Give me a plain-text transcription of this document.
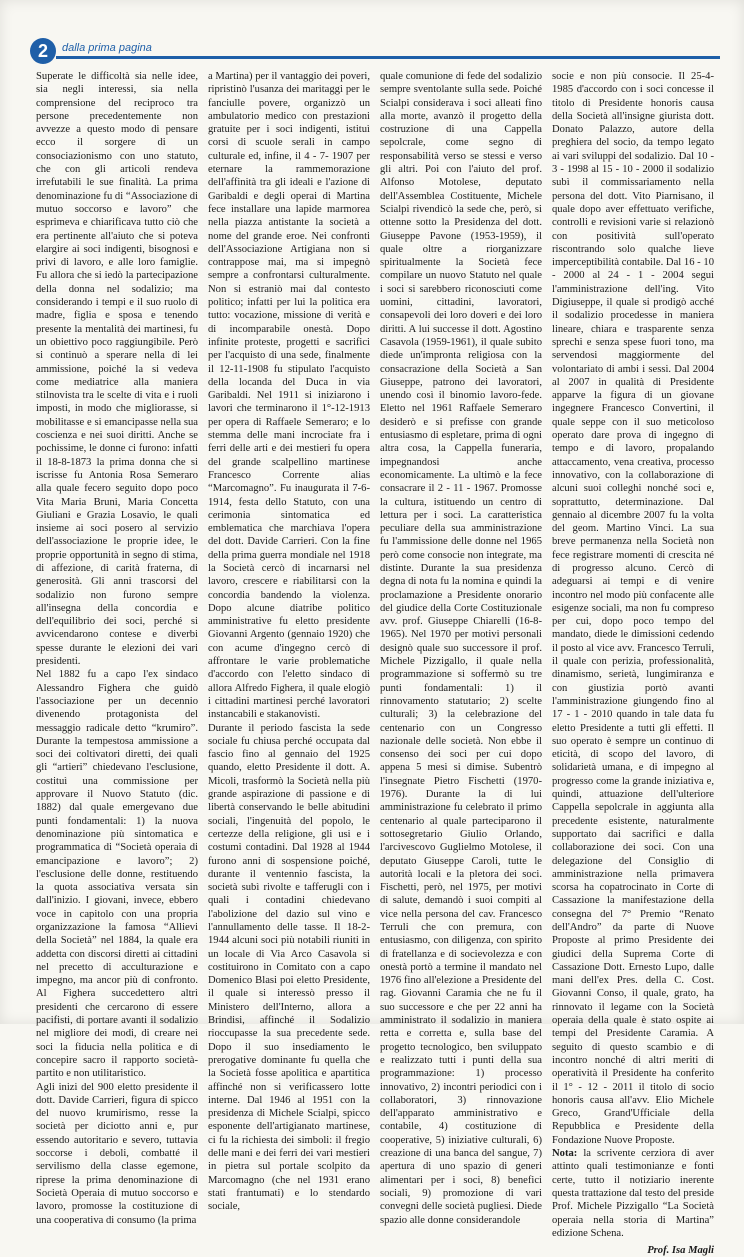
2	dalla prima pagina

Superate le difficoltà sia nelle idee, sia negli interessi, sia nella comprensione del reciproco tra persone precedentemente non avvezze a questo modo di pensare ecco il sorgere di un consociazionismo con uno statuto, che con gli articoli rendeva irrefutabili le sue finalità. La prima denominazione fu di “Associazione di mutuo soccorso e lavoro” che esprimeva e chiarificava tutto ciò che era pertinente all'aiuto che si poteva elargire ai soci indigenti, bisognosi e privi di lavoro, e alle loro famiglie. Fu allora che si iedò la partecipazione della donna nel sodalizio; ma considerando i tempi e il suo ruolo di madre, figlia e sposa e tenendo presente la mentalità dei martinesi, fu un obiettivo poco raggiungibile. Però si continuò a sperare nella di lei ammissione, poiché la si vedeva come mediatrice alla maniera stilnovista tra le scelte di vita e i ruoli imposti, in modo che migliorasse, si mobilitasse e si emancipasse nella sua coscienza e nei suoi diritti. Anche se pochissime, le donne ci furono: infatti il 18-8-1873 la prima donna che si iscrisse fu Antonia Rosa Semeraro alla quale fecero seguito dopo poco Vita Maria Bruni, Maria Concetta Giuliani e Grazia Losavio, le quali insieme ai soci posero al servizio dell'associazione le proprie idee, le proprie opportunità in segno di stima, di affezione, di carità fraterna, di generosità. Gli anni trascorsi del sodalizio non furono sempre all'insegna della concordia e dell'equilibrio dei soci, perché si avvicendarono contese e diverbi spesse durante le elezioni dei vari presidenti.

Nel 1882 fu a capo l'ex sindaco Alessandro Fighera che guidò l'associazione per un decennio divenendo protagonista del messaggio radicale detto “krumiro”. Durante la tempestosa ammissione a soci dei coltivatori diretti, dei quali gli “artieri” chiedevano l'esclusione, costituì una commissione per approvare il Nuovo Statuto (dic. 1882) dal quale emergevano due punti fondamentali: 1) la nuova denominazione più sintomatica e programmatica di “Società operaia di emancipazione e lavoro”; 2) l'esclusione delle donne, restituendo la quota associativa versata sin dall'inizio. I giovani, invece, ebbero voce in capitolo con una propria organizzazione la famosa “Allievi della Società” nel 1884, la quale era addetta con discorsi diretti ai cittadini nel precetto di acculturazione e impegno, ma ancor più di confronto. Al Fighera succedettero altri presidenti che cercarono di essere pacifisti, di portare avanti il sodalizio nel migliore dei modi, di creare nei soci la fiducia nella politica e di concepire sacro il rapporto società-partito e non utilitaristico.

Agli inizi del 900 eletto presidente il dott. Davide Carrieri, figura di spicco del nuovo krumirismo, resse la società per diciotto anni e, pur essendo autoritario e severo, tuttavia soccorse i deboli, combatté il servilismo della classe egemone, riprese la prima denominazione di Società Operaia di mutuo soccorso e lavoro, promosse la costituzione di una cooperativa di consumo (la prima

a Martina) per il vantaggio dei poveri, ripristinò l'usanza dei maritaggi per le fanciulle povere, organizzò un ambulatorio medico con prestazioni gratuite per i soci indigenti, istituì corsi di scuole serali in campo culturale ed, infine, il 4 - 7- 1907 per eternare la rammemorazione dell'affinità tra gli ideali e l'azione di Garibaldi e degli operai di Martina fece installare una lapide marmorea nella piazza antistante la società a nome del grande eroe. Nei confronti dell'Associazione Artigiana non si contrappose mai, ma si impegnò sempre a confrontarsi culturalmente. Non si estraniò mai dal contesto politico; infatti per lui la politica era tutto: vocazione, missione di verità e di incomparabile onestà. Dopo infinite proteste, progetti e sacrifici per l'acquisto di una sede, finalmente il 12-11-1908 fu stipulato l'acquisto della locanda del Duca in via Garibaldi. Nel 1911 si iniziarono i lavori che terminarono il 1°-12-1913 per opera di Raffaele Semeraro; e lo stemma delle mani incrociate fra i ferri delle arti e dei mestieri fu opera del grande scalpellino martinese Francesco Corrente alias “Marcomagno”. Fu inaugurata il 7-6-1914, festa dello Statuto, con una cerimonia sintomatica ed emblematica che marchiava l'opera del dott. Davide Carrieri. Con la fine della prima guerra mondiale nel 1918 la Società cercò di incarnarsi nel lavoro, crescere e riabilitarsi con la concordia bandendo la violenza. Dopo alcune diatribe politico amministrative fu eletto presidente Giovanni Argento (gennaio 1920) che con acume d'ingegno cercò di affrontare le varie problematiche d'accordo con l'eletto sindaco di allora Alfredo Fighera, il quale elogiò i cittadini martinesi perché lavoratori instancabili e stakanovisti.

Durante il periodo fascista la sede sociale fu chiusa perché occupata dal fascio fino al gennaio del 1925 quando, eletto Presidente il dott. A. Micoli, trasformò la Società nella più grande aspirazione di passione e di libertà conservando le belle abitudini sociali, l'ingenuità del popolo, le certezze della religione, gli usi e i costumi contadini. Dal 1928 al 1944 furono anni di sospensione poiché, durante il ventennio fascista, la società subì rivolte e tafferugli con i quali i contadini chiedevano l'abolizione del dazio sul vino e l'annullamento delle tasse. Il 18-2-1944 alcuni soci più notabili riuniti in un locale di Via Arco Casavola si costituirono in Comitato con a capo Domenico Blasi poi eletto Presidente, il quale si interessò presso il Ministero dell'Interno, allora a Brindisi, affinché il Sodalizio rioccupasse la sua precedente sede. Dopo il suo insediamento le prerogative dominante fu quella che la Società fosse apolitica e apartitica affinché non si verificassero lotte interne. Dal 1946 al 1951 con la presidenza di Michele Scialpi, spicco esponente dell'artigianato martinese, ci fu la richiesta dei simboli: il fregio delle mani e dei ferri dei vari mestieri in pietra sul portale scolpito da Marcomagno (che nel 1931 erano stati frantumati) e lo stendardo sociale,

quale comunione di fede del sodalizio sempre sventolante sulla sede. Poiché Scialpi considerava i soci alleati fino alla morte, avanzò il progetto della costruzione di una Cappella sepolcrale, come segno di responsabilità verso se stessi e verso gli altri. Poi con l'aiuto del prof. Alfonso Motolese, deputato dell'Assemblea Costituente, Michele Scialpi rivendicò la sede che, però, si ottenne sotto la Presidenza del dott. Giuseppe Pavone (1953-1959), il quale oltre a riorganizzare spiritualmente la Società fece compilare un nuovo Statuto nel quale i soci si sarebbero riconosciuti come uomini, cittadini, lavoratori, consapevoli dei loro doveri e dei loro diritti. A lui successe il dott. Agostino Casavola (1959-1961), il quale subito diede un'impronta religiosa con la consacrazione della Società a San Giuseppe, patrono dei lavoratori, unendo così il binomio lavoro-fede. Eletto nel 1961 Raffaele Semeraro desiderò e si prefisse con grande entusiasmo di espletare, prima di ogni altra cosa, la Cappella funeraria, impegnandosi anche economicamente. La ultimò e la fece consacrare il 2 - 11 - 1967. Promosse la cultura, istituendo un centro di lettura per i soci. La caratteristica peculiare della sua amministrazione fu l'ammissione delle donne nel 1965 però come consocie non integrate, ma distinte. Durante la sua presidenza degna di nota fu la nomina e quindi la proclamazione a Presidente onorario del giudice della Corte Costituzionale avv. prof. Giuseppe Chiarelli (16-8-1965). Nel 1970 per motivi personali designò quale suo successore il prof. Michele Pizzigallo, il quale nella programmazione si soffermò su tre punti fondamentali: 1) il rinnovamento statutario; 2) scelte culturali; 3) la celebrazione del centenario con un Congresso nazionale delle società. Non ebbe il consenso dei soci per cui dopo appena 5 mesi si dimise. Subentrò l'insegnate Pietro Fischetti (1970-1976). Durante la di lui amministrazione fu celebrato il primo centenario al quale parteciparono il sottosegretario Giulio Orlando, l'arcivescovo Guglielmo Motolese, il deputato Giuseppe Caroli, tutte le autorità locali e la pletora dei soci. Fischetti, però, nel 1975, per motivi di salute, demandò i suoi compiti al vice nella persona del cav. Francesco Terruli che con premura, con entusiasmo, con diligenza, con spirito di fratellanza e di socievolezza e con onestà portò a termine il mandato nel 1976 fino all'elezione a Presidente del rag. Giovanni Caramia che ne fu il suo successore e che per 22 anni ha amministrato il sodalizio in maniera retta e corretta e, sulla base del progetto tecnologico, ben sviluppato e realizzato tutti i punti della sua programmazione: 1) processo innovativo, 2) incontri periodici con i collaboratori, 3) rinnovazione dell'apparato amministrativo e contabile, 4) costituzione di cooperative, 5) iniziative culturali, 6) creazione di una banca del sangue, 7) apertura di uno spazio di generi alimentari per i soci, 8) benefici sociali, 9) promozione di vari convegni delle società pugliesi. Diede spazio alle donne considerandole

socie e non più consocie. Il 25-4-1985 d'accordo con i soci concesse il titolo di Presidente honoris causa della Società all'insigne giurista dott. Donato Palazzo, autore della preghiera del socio, da tempo legato ai vari sviluppi del sodalizio. Dal 10 - 3 - 1998 al 15 - 10 - 2000 il sodalizio subì il commissariamento nella persona del dott. Vito Piarnisano, il quale dopo aver effettuato verifiche, controlli e revisioni varie si relazionò con positività sull'operato riscontrando solo qualche lieve imperceptibilità contabile. Dal 16 - 10 - 2000 al 24 - 1 - 2004 segui l'amministrazione dell'ing. Vito Digiuseppe, il quale si prodigò acché il sodalizio procedesse in maniera lineare, chiara e trasparente senza sprechi e senza spese fuori tono, ma servendosi maggiormente del volontariato di ambi i sessi. Dal 2004 al 2007 in qualità di Presidente apparve la figura di un giovane ingegnere Francesco Convertini, il quale seppe con il suo meticoloso operato dare prova di ingegno di tempo e di lavoro, propalando attaccamento, vena creativa, processo innovativo, con la collaborazione di alcuni suoi colleghi nonché soci e, soprattutto, determinazione. Dal gennaio al dicembre 2007 fu la volta del geom. Martino Vinci. La sua breve permanenza nella Società non fece registrare momenti di crescita né di progresso alcuno. Cercò di adeguarsi ai tempi e di venire incontro nel modo più confacente alle esigenze sociali, ma non fu compreso per cui, dopo poco tempo del mandato, diede le dimissioni cedendo il posto al vice avv. Francesco Terruli, il quale con perizia, professionalità, dinamismo, serietà, lungimiranza e con giustizia portò avanti l'amministrazione giungendo fino al 17 - 1 - 2010 quando in tale data fu eletto Presidente a tutti gli effetti. Il suo operato è sempre un continuo di eticità, di scopo del lavoro, di solidarietà umana, e di impegno al progresso come la grande iniziativa e, quindi, attuazione dell'ulteriore Cappella sepolcrale in aggiunta alla precedente esistente, naturalmente supportato dai sacrifici e dalla collaborazione dei soci. Con una delegazione del Consiglio di amministrazione nella primavera scorsa ha copatrocinato in Corte di Cassazione la manifestazione della consegna del 7° Premio “Renato dell'Andro” da parte di Nuove Proposte al primo Presidente dei giudici della Suprema Corte di Cassazione Dott. Ernesto Lupo, dalle mani dell'ex Pres. della C. Cost. Giovanni Conso, il quale, grato, ha rinnovato il legame con la Società operaia della quale è stato ospite ai tempi del Presidente Caramia. A seguito di questo scambio e di incontro nonché di altri meriti di operatività il Presidente ha conferito il 1° - 12 - 2011 il titolo di socio honoris causa all'avv. Elio Michele Greco, Grand'Ufficiale della Repubblica e Presidente della Fondazione Nuove Proposte.

Nota: la scrivente cerziora di aver attinto quali testimonianze e fonti certe, tutto il notiziario inerente questa trattazione dal testo del preside Prof. Michele Pizzigallo “La Società operaia nella storia di Martina” edizione Schena.

Prof. Isa Magli
